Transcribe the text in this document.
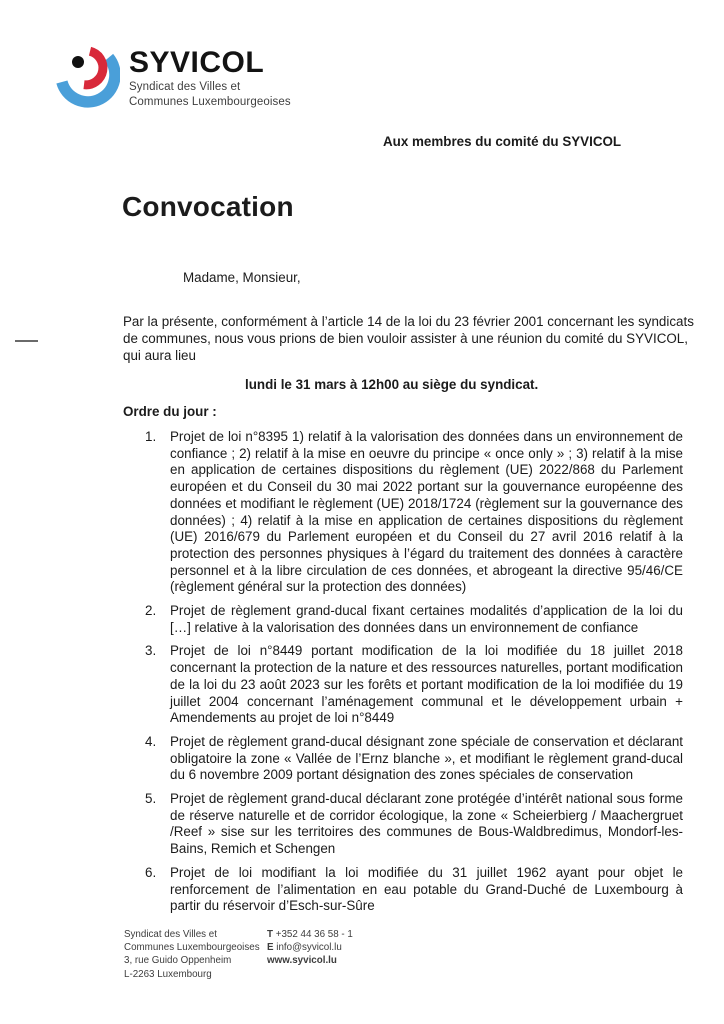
SYVICOL
Syndicat des Villes et
Communes Luxembourgeoises
Aux membres du comité du SYVICOL
Convocation
Madame, Monsieur,
Par la présente, conformément à l’article 14 de la loi du 23 février 2001 concernant les syndicats
de communes, nous vous prions de bien vouloir assister à une réunion du comité du SYVICOL,
qui aura lieu
lundi le 31 mars à 12h00 au siège du syndicat.
Ordre du jour :
1. Projet de loi n°8395 1) relatif à la valorisation des données dans un environnement de confiance ; 2) relatif à la mise en oeuvre du principe « once only » ; 3) relatif à la mise en application de certaines dispositions du règlement (UE) 2022/868 du Parlement européen et du Conseil du 30 mai 2022 portant sur la gouvernance européenne des données et modifiant le règlement (UE) 2018/1724 (règlement sur la gouvernance des données) ; 4) relatif à la mise en application de certaines dispositions du règlement (UE) 2016/679 du Parlement européen et du Conseil du 27 avril 2016 relatif à la protection des personnes physiques à l’égard du traitement des données à caractère personnel et à la libre circulation de ces données, et abrogeant la directive 95/46/CE (règlement général sur la protection des données)
2. Projet de règlement grand-ducal fixant certaines modalités d’application de la loi du […] relative à la valorisation des données dans un environnement de confiance
3. Projet de loi n°8449 portant modification de la loi modifiée du 18 juillet 2018 concernant la protection de la nature et des ressources naturelles, portant modification de la loi du 23 août 2023 sur les forêts et portant modification de la loi modifiée du 19 juillet 2004 concernant l’aménagement communal et le développement urbain + Amendements au projet de loi n°8449
4. Projet de règlement grand-ducal désignant zone spéciale de conservation et déclarant obligatoire la zone « Vallée de l’Ernz blanche », et modifiant le règlement grand-ducal du 6 novembre 2009 portant désignation des zones spéciales de conservation
5. Projet de règlement grand-ducal déclarant zone protégée d’intérêt national sous forme de réserve naturelle et de corridor écologique, la zone « Scheierbierg / Maachergruet /Reef » sise sur les territoires des communes de Bous-Waldbredimus, Mondorf-les-Bains, Remich et Schengen
6. Projet de loi modifiant la loi modifiée du 31 juillet 1962 ayant pour objet le renforcement de l’alimentation en eau potable du Grand-Duché de Luxembourg à partir du réservoir d’Esch-sur-Sûre
Syndicat des Villes et
Communes Luxembourgeoises
3, rue Guido Oppenheim
L-2263 Luxembourg
T +352 44 36 58 - 1
E info@syvicol.lu
www.syvicol.lu
